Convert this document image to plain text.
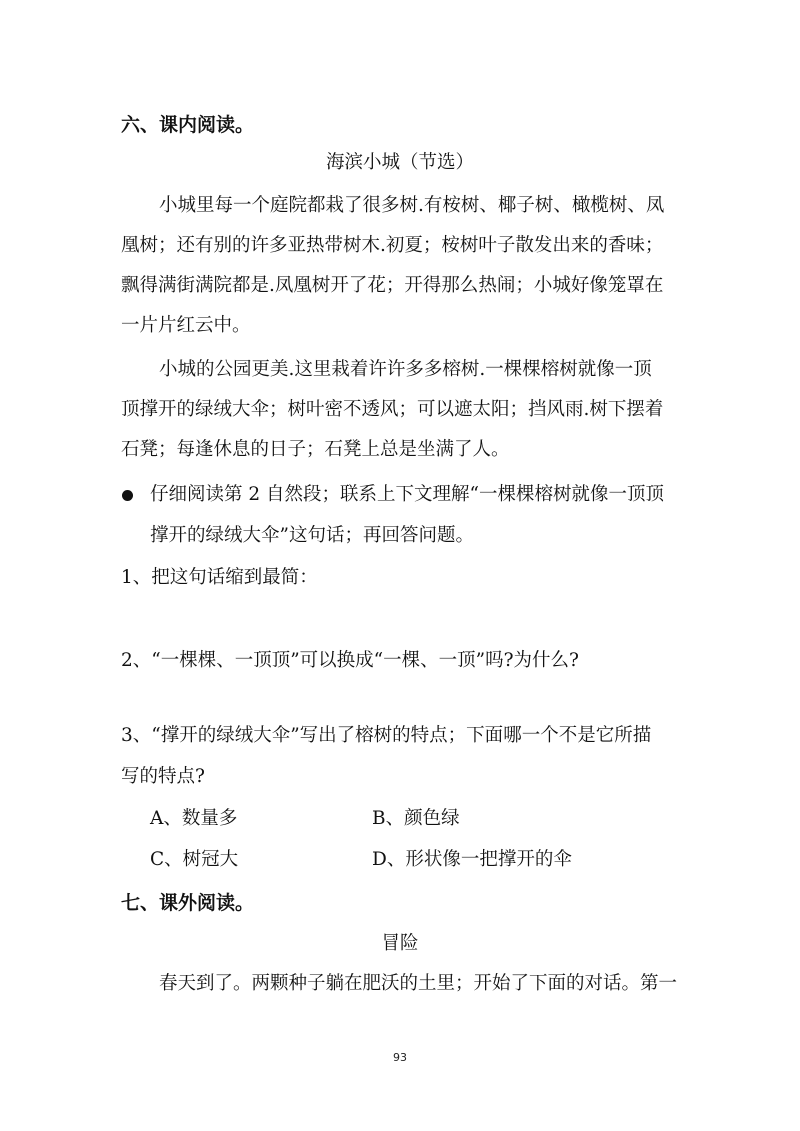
六、课内阅读。
海滨小城（节选）
小城里每一个庭院都栽了很多树.有桉树、椰子树、橄榄树、凤
凰树；还有别的许多亚热带树木.初夏；桉树叶子散发出来的香味；
飘得满街满院都是.凤凰树开了花；开得那么热闹；小城好像笼罩在
一片片红云中。
小城的公园更美.这里栽着许许多多榕树.一棵棵榕树就像一顶
顶撑开的绿绒大伞；树叶密不透风；可以遮太阳；挡风雨.树下摆着
石凳；每逢休息的日子；石凳上总是坐满了人。
仔细阅读第 2 自然段；联系上下文理解“一棵棵榕树就像一顶顶
撑开的绿绒大伞”这句话；再回答问题。
1、把这句话缩到最简：
2、“一棵棵、一顶顶”可以换成“一棵、一顶”吗?为什么?
3、“撑开的绿绒大伞”写出了榕树的特点；下面哪一个不是它所描
写的特点?
A、数量多	B、颜色绿
C、树冠大	D、形状像一把撑开的伞
七、课外阅读。
冒险
春天到了。两颗种子躺在肥沃的土里；开始了下面的对话。第一
93
